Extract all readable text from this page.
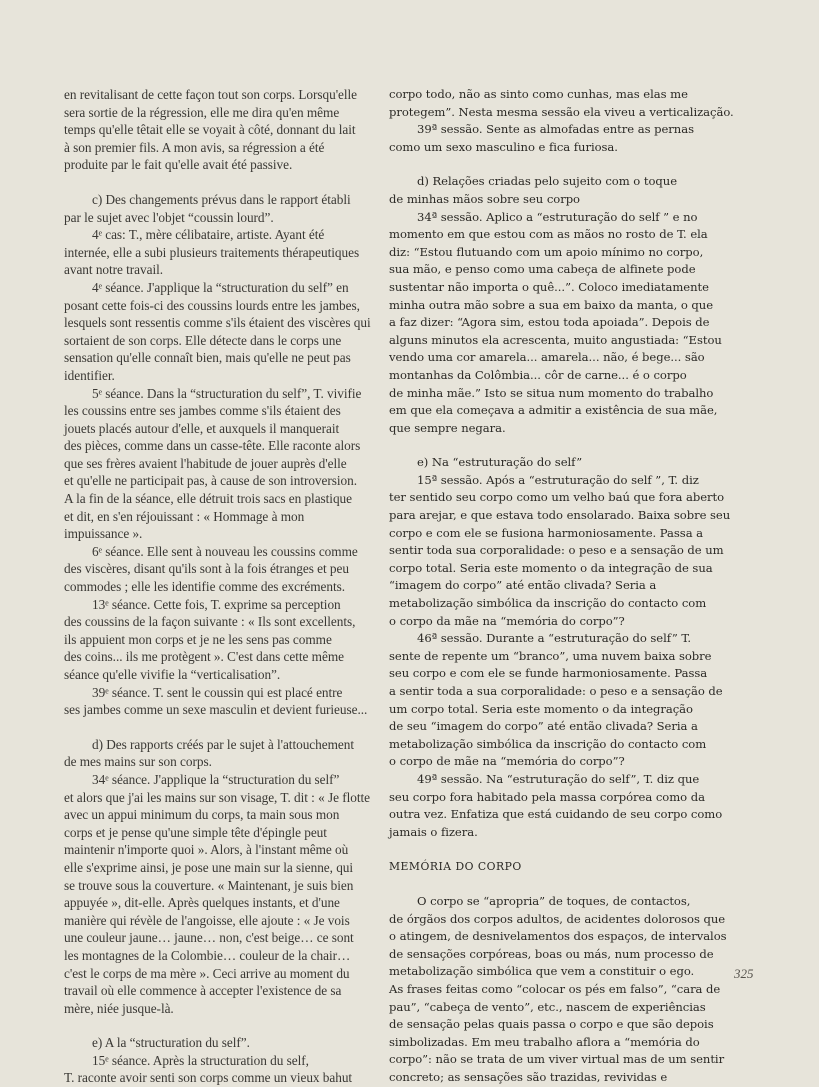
en revitalisant de cette façon tout son corps. Lorsqu'elle

sera sortie de la régression, elle me dira qu'en même

temps qu'elle têtait elle se voyait à côté, donnant du lait

à son premier fils. A mon avis, sa régression a été

produite par le fait qu'elle avait été passive.

c) Des changements prévus dans le rapport établi

par le sujet avec l'objet “coussin lourd”.

4ᵉ cas: T., mère célibataire, artiste. Ayant été

internée, elle a subi plusieurs traitements thérapeutiques

avant notre travail.

4ᵉ séance. J'applique la “structuration du self” en

posant cette fois-ci des coussins lourds entre les jambes,

lesquels sont ressentis comme s'ils étaient des viscères qui

sortaient de son corps. Elle détecte dans le corps une

sensation qu'elle connaît bien, mais qu'elle ne peut pas

identifier.

5ᵉ séance. Dans la “structuration du self”, T. vivifie

les coussins entre ses jambes comme s'ils étaient des

jouets placés autour d'elle, et auxquels il manquerait

des pièces, comme dans un casse-tête. Elle raconte alors

que ses frères avaient l'habitude de jouer auprès d'elle

et qu'elle ne participait pas, à cause de son introversion.

A la fin de la séance, elle détruit trois sacs en plastique

et dit, en s'en réjouissant : « Hommage à mon

impuissance ».

6ᵉ séance. Elle sent à nouveau les coussins comme

des viscères, disant qu'ils sont à la fois étranges et peu

commodes ; elle les identifie comme des excréments.

13ᵉ séance. Cette fois, T. exprime sa perception

des coussins de la façon suivante : « Ils sont excellents,

ils appuient mon corps et je ne les sens pas comme

des coins... ils me protègent ». C'est dans cette même

séance qu'elle vivifie la “verticalisation”.

39ᵉ séance. T. sent le coussin qui est placé entre

ses jambes comme un sexe masculin et devient furieuse...

d) Des rapports créés par le sujet à l'attouchement

de mes mains sur son corps.

34ᵉ séance. J'applique la “structuration du self”

et alors que j'ai les mains sur son visage, T. dit : « Je flotte

avec un appui minimum du corps, ta main sous mon

corps et je pense qu'une simple tête d'épingle peut

maintenir n'importe quoi ». Alors, à l'instant même où

elle s'exprime ainsi, je pose une main sur la sienne, qui

se trouve sous la couverture. « Maintenant, je suis bien

appuyée », dit-elle. Après quelques instants, et d'une

manière qui révèle de l'angoisse, elle ajoute : « Je vois

une couleur jaune… jaune… non, c'est beige… ce sont

les montagnes de la Colombie… couleur de la chair…

c'est le corps de ma mère ». Ceci arrive au moment du

travail où elle commence à accepter l'existence de sa

mère, niée jusque-là.

e) A la “structuration du self”.

15ᵉ séance. Après la structuration du self,

T. raconte avoir senti son corps comme un vieux bahut

corpo todo, não as sinto como cunhas, mas elas me

protegem”. Nesta mesma sessão ela viveu a verticalização.

39ª sessão. Sente as almofadas entre as pernas

como um sexo masculino e fica furiosa.

d) Relações criadas pelo sujeito com o toque

de minhas mãos sobre seu corpo

34ª sessão. Aplico a “estruturação do self ” e no

momento em que estou com as mãos no rosto de T. ela

diz: “Estou flutuando com um apoio mínimo no corpo,

sua mão, e penso como uma cabeça de alfinete pode

sustentar não importa o quê...”. Coloco imediatamente

minha outra mão sobre a sua em baixo da manta, o que

a faz dizer: “Agora sim, estou toda apoiada”. Depois de

alguns minutos ela acrescenta, muito angustiada: “Estou

vendo uma cor amarela... amarela... não, é bege... são

montanhas da Colômbia... côr de carne... é o corpo

de minha mãe.” Isto se situa num momento do trabalho

em que ela começava a admitir a existência de sua mãe,

que sempre negara.

e) Na “estruturação do self”

15ª sessão. Após a “estruturação do self ”, T. diz

ter sentido seu corpo como um velho baú que fora aberto

para arejar, e que estava todo ensolarado. Baixa sobre seu

corpo e com ele se fusiona harmoniosamente. Passa a

sentir toda sua corporalidade: o peso e a sensação de um

corpo total. Seria este momento o da integração de sua

“imagem do corpo” até então clivada? Seria a

metabolização simbólica da inscrição do contacto com

o corpo da mãe na “memória do corpo”?

46ª sessão. Durante a “estruturação do self” T.

sente de repente um “branco”, uma nuvem baixa sobre

seu corpo e com ele se funde harmoniosamente. Passa

a sentir toda a sua corporalidade: o peso e a sensação de

um corpo total. Seria este momento o da integração

de seu “imagem do corpo” até então clivada? Seria a

metabolização simbólica da inscrição do contacto com

o corpo de mãe na “memória do corpo”?

49ª sessão. Na “estruturação do self”, T. diz que

seu corpo fora habitado pela massa corpórea como da

outra vez. Enfatiza que está cuidando de seu corpo como

jamais o fizera.

MEMÓRIA DO CORPO

O corpo se “apropria” de toques, de contactos,

de órgãos dos corpos adultos, de acidentes dolorosos que

o atingem, de desnivelamentos dos espaços, de intervalos

de sensações corpóreas, boas ou más, num processo de

metabolização simbólica que vem a constituir o ego.

As frases feitas como “colocar os pés em falso”, “cara de

pau”, “cabeça de vento”, etc., nascem de experiências

de sensação pelas quais passa o corpo e que são depois

simbolizadas. Em meu trabalho aflora a “memória do

corpo”: não se trata de um viver virtual mas de um sentir

concreto; as sensações são trazidas, revividas e

325
